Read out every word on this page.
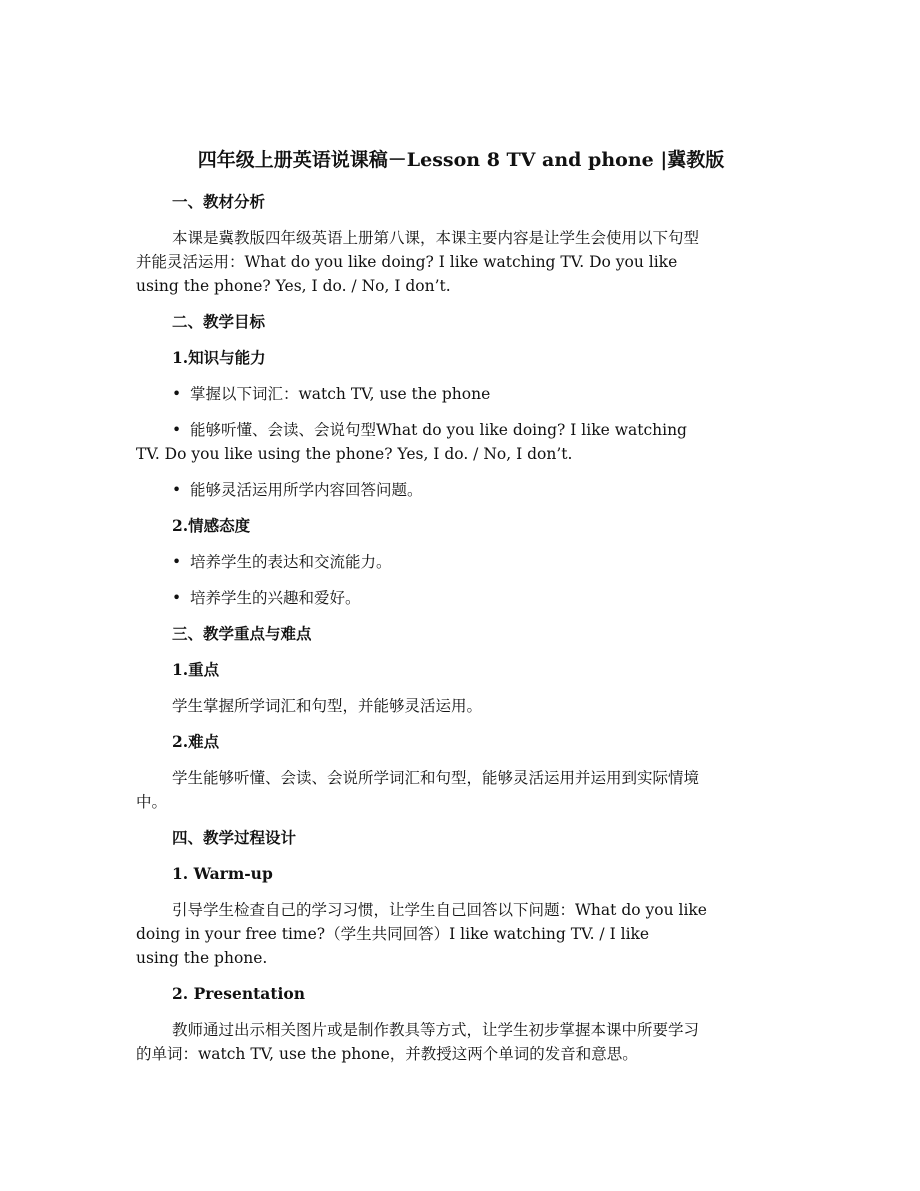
四年级上册英语说课稿－Lesson 8 TV and phone |冀教版
一、教材分析
本课是冀教版四年级英语上册第八课，本课主要内容是让学生会使用以下句型
并能灵活运用：What do you like doing? I like watching TV. Do you like
using the phone? Yes, I do. / No, I don’t.
二、教学目标
1.知识与能力
• 掌握以下词汇：watch TV, use the phone
• 能够听懂、会读、会说句型What do you like doing? I like watching
TV. Do you like using the phone? Yes, I do. / No, I don’t.
• 能够灵活运用所学内容回答问题。
2.情感态度
• 培养学生的表达和交流能力。
• 培养学生的兴趣和爱好。
三、教学重点与难点
1.重点
学生掌握所学词汇和句型，并能够灵活运用。
2.难点
学生能够听懂、会读、会说所学词汇和句型，能够灵活运用并运用到实际情境
中。
四、教学过程设计
1. Warm-up
引导学生检查自己的学习习惯，让学生自己回答以下问题：What do you like
doing in your free time?（学生共同回答）I like watching TV. / I like
using the phone.
2. Presentation
教师通过出示相关图片或是制作教具等方式，让学生初步掌握本课中所要学习
的单词：watch TV, use the phone，并教授这两个单词的发音和意思。
